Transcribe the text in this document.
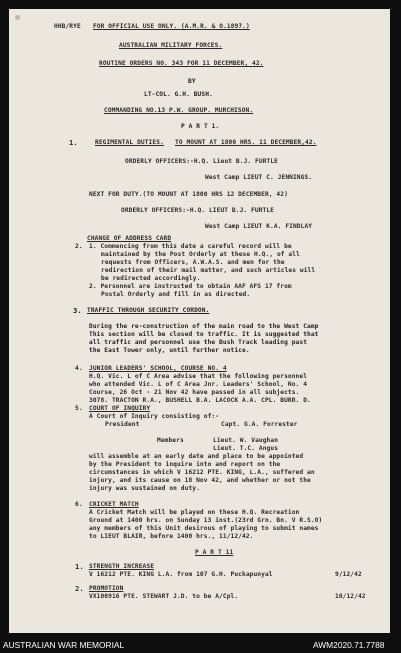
HHB/RYE FOR OFFICIAL USE ONLY. (A.M.R. & O.1897.)
AUSTRALIAN MILITARY FORCES.
ROUTINE ORDERS NO. 343 FOR 11 DECEMBER, 42.
BY
LT-COL. G.H. BUSH.
COMMANDING NO.13 P.W. GROUP. MURCHISON.
P A R T 1.
1.	REGIMENTAL DUTIES. TO MOUNT AT 1800 HRS. 11 DECEMBER,42.
ORDERLY OFFICERS:-H.Q. Lieut B.J. FURTLE
West Camp LIEUT C. JENNINGS.
NEXT FOR DUTY.(TO MOUNT AT 1800 HRS 12 DECEMBER, 42)
ORDERLY OFFICERS:-H.Q. LIEUT B.J. FURTLE
West Camp LIEUT K.A. FINDLAY
2.
CHANGE OF ADDRESS CARD
1. Commencing from this date a careful record will be
maintained by the Post Orderly at these H.Q., of all
requests from Officers, A.W.A.S. and men for the
redirection of their mail matter, and such articles will
be redirected accordingly.
2. Personnel are instructed to obtain AAF AFS 17 from
Postal Orderly and fill in as directed.
3. TRAFFIC THROUGH SECURITY CORDON.
During the re-construction of the main road to the West Camp
This section will be closed to traffic. It is suggested that
all traffic and personnel use the Bush Track leading past
the East Tower only, until further notice.
4. JUNIOR LEADERS' SCHOOL, COURSE NO. 4
H.Q. Vic. L of C Area advise that the following personnel
who attended Vic. L of C Area Jnr. Leaders' School, No. 4
Course, 26 Oct - 21 Nov 42 have passed in all subjects.
3078. TRACTON R.A., BUSHELL B.A. LACOCK A.A. CPL. BURR. D.
5. COURT OF INQUIRY
A Court of Inquiry consisting of:-
President	Capt. G.A. Forrester
Members	Lieut. W. Vaughan
Lieut. T.C. Angus
will assemble at an early date and place to be appointed
by the President to inquire into and report on the
circumstances in which V 16212 PTE. KING, L.A., suffered an
injury, and its cause on 18 Nov 42, and whether or not the
injury was sustained on duty.
6. CRICKET MATCH
A Cricket Match will be played on these H.Q. Recreation
Ground at 1400 hrs. on Sunday 13 inst.(23rd Grn. Bn. V R.S.O)
any members of this Unit desirous of playing to submit names
to LIEUT BLAIR, before 1400 hrs., 11/12/42.
P A R T 11
1. STRENGTH INCREASE
V 16212 PTE. KING L.A. from 107 G.H. Puckapunyal	9/12/42
2. PROMOTION
VX100916 PTE. STEWART J.D. to be A/Cpl.	10/12/42
AUSTRALIAN WAR MEMORIAL	AWM2020.71.7788
